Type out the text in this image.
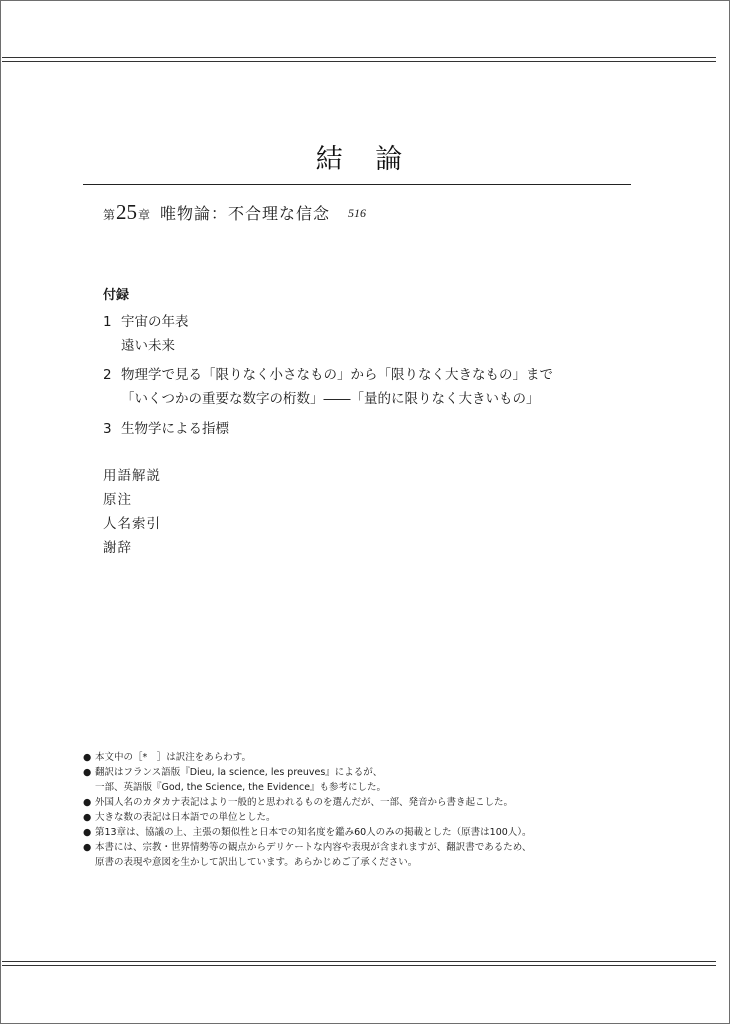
結 論
第 25 章 唯物論：不合理な信念 516
付録
1 宇宙の年表
遠い未来
2 物理学で見る「限りなく小さなもの」から「限りなく大きなもの」まで
「いくつかの重要な数字の桁数」――「量的に限りなく大きいもの」
3 生物学による指標
用語解説
原注
人名索引
謝辞
● 本文中の［*　］は訳注をあらわす。
● 翻訳はフランス語版『Dieu, la science, les preuves』によるが、
一部、英語版『God, the Science, the Evidence』も参考にした。
● 外国人名のカタカナ表記はより一般的と思われるものを選んだが、一部、発音から書き起こした。
● 大きな数の表記は日本語での単位とした。
● 第13章は、協議の上、主張の類似性と日本での知名度を鑑み60人のみの掲載とした（原書は100人）。
● 本書には、宗教・世界情勢等の観点からデリケートな内容や表現が含まれますが、翻訳書であるため、
原書の表現や意図を生かして訳出しています。あらかじめご了承ください。
